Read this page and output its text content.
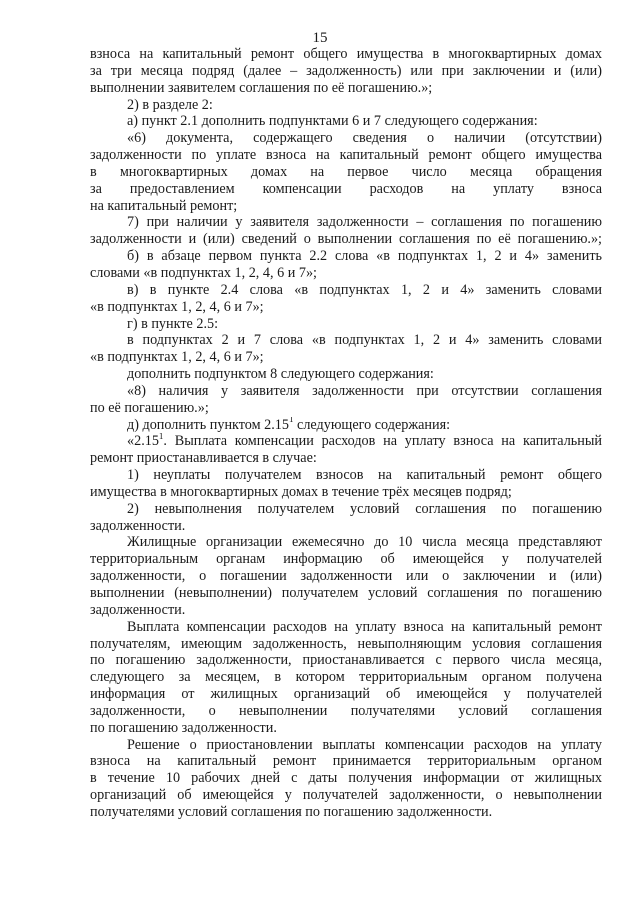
15
взноса на капитальный ремонт общего имущества в многоквартирных домах
за три месяца подряд (далее – задолженность) или при заключении и (или)
выполнении заявителем соглашения по её погашению.»;
2) в разделе 2:
а) пункт 2.1 дополнить подпунктами 6 и 7 следующего содержания:
«6) документа, содержащего сведения о наличии (отсутствии)
задолженности по уплате взноса на капитальный ремонт общего имущества
в многоквартирных домах на первое число месяца обращения
за предоставлением компенсации расходов на уплату взноса
на капитальный ремонт;
7) при наличии у заявителя задолженности – соглашения по погашению
задолженности и (или) сведений о выполнении соглашения по её погашению.»;
б) в абзаце первом пункта 2.2 слова «в подпунктах 1, 2 и 4» заменить
словами «в подпунктах 1, 2, 4, 6 и 7»;
в) в пункте 2.4 слова «в подпунктах 1, 2 и 4» заменить словами
«в подпунктах 1, 2, 4, 6 и 7»;
г) в пункте 2.5:
в подпунктах 2 и 7 слова «в подпунктах 1, 2 и 4» заменить словами
«в подпунктах 1, 2, 4, 6 и 7»;
дополнить подпунктом 8 следующего содержания:
«8) наличия у заявителя задолженности при отсутствии соглашения
по её погашению.»;
д) дополнить пунктом 2.15$^1$ следующего содержания:
«2.15$^1$. Выплата компенсации расходов на уплату взноса на капитальный
ремонт приостанавливается в случае:
1) неуплаты получателем взносов на капитальный ремонт общего
имущества в многоквартирных домах в течение трёх месяцев подряд;
2) невыполнения получателем условий соглашения по погашению
задолженности.
Жилищные организации ежемесячно до 10 числа месяца представляют
территориальным органам информацию об имеющейся у получателей
задолженности, о погашении задолженности или о заключении и (или)
выполнении (невыполнении) получателем условий соглашения по погашению
задолженности.
Выплата компенсации расходов на уплату взноса на капитальный ремонт
получателям, имеющим задолженность, невыполняющим условия соглашения
по погашению задолженности, приостанавливается с первого числа месяца,
следующего за месяцем, в котором территориальным органом получена
информация от жилищных организаций об имеющейся у получателей
задолженности, о невыполнении получателями условий соглашения
по погашению задолженности.
Решение о приостановлении выплаты компенсации расходов на уплату
взноса на капитальный ремонт принимается территориальным органом
в течение 10 рабочих дней с даты получения информации от жилищных
организаций об имеющейся у получателей задолженности, о невыполнении
получателями условий соглашения по погашению задолженности.
